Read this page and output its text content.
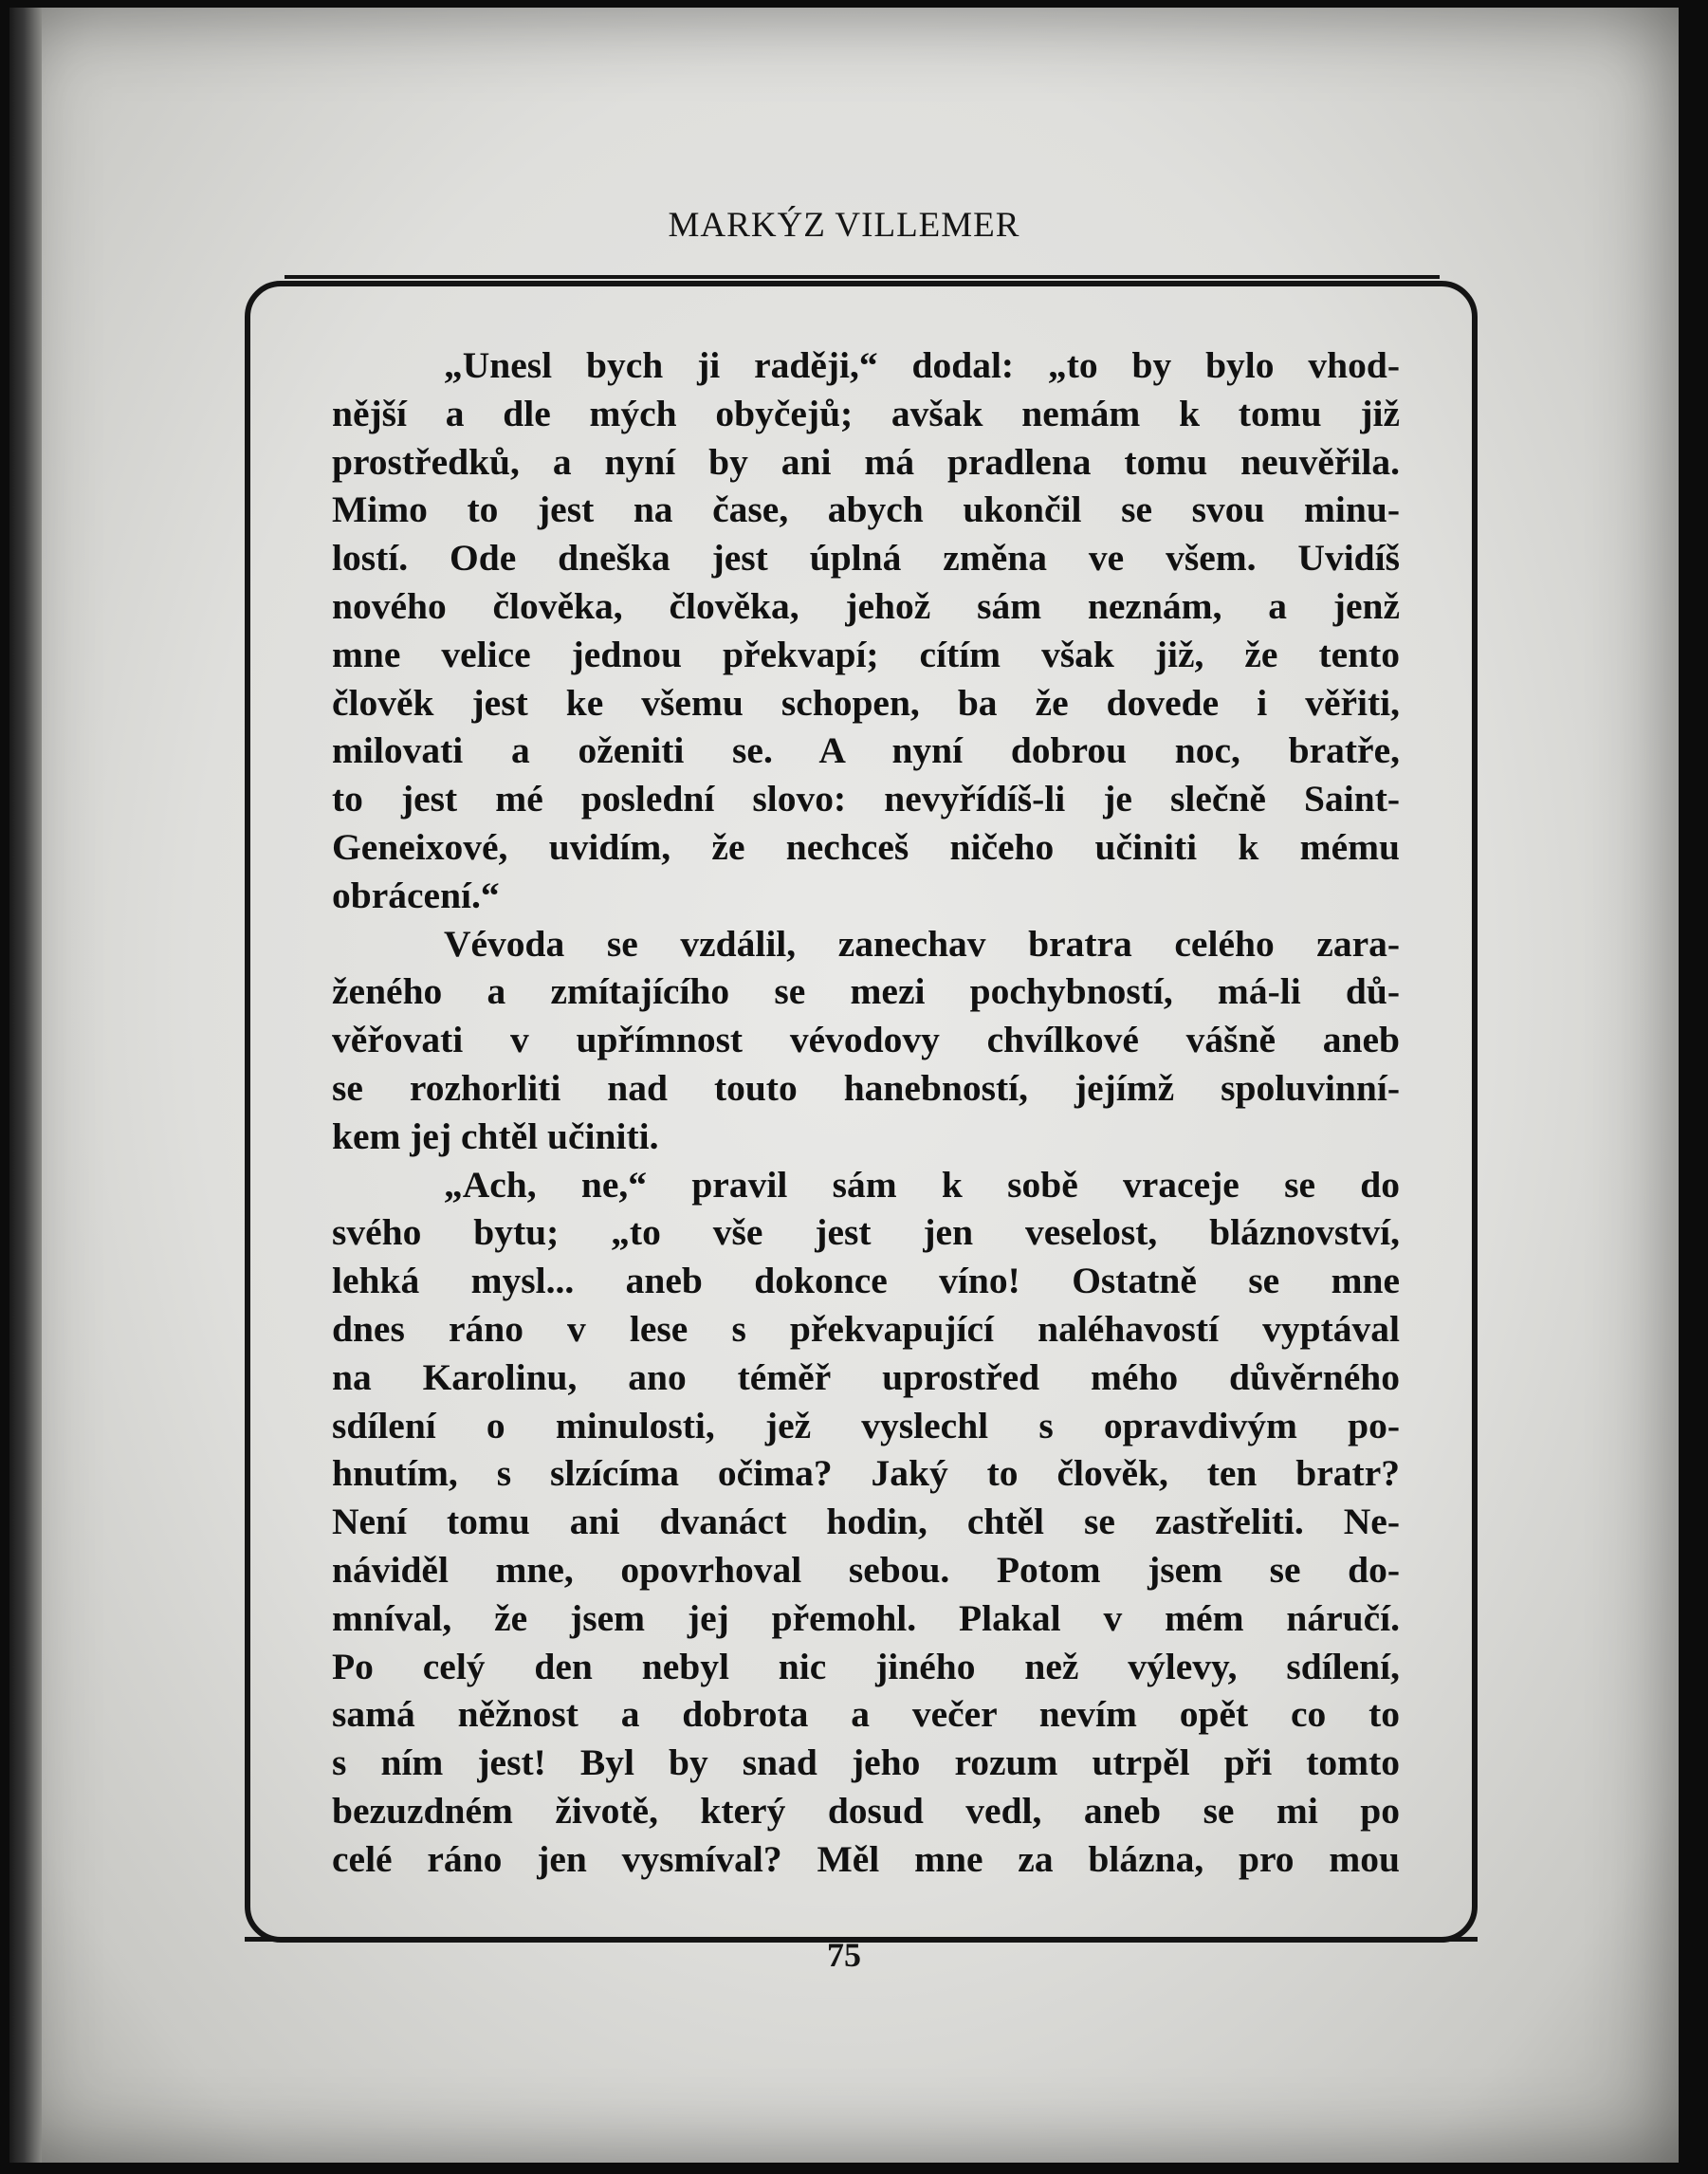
MARKÝZ VILLEMER
„Unesl bych ji raději,“ dodal: „to by bylo vhod-
nější a dle mých obyčejů; avšak nemám k tomu již
prostředků, a nyní by ani má pradlena tomu neuvěřila.
Mimo to jest na čase, abych ukončil se svou minu-
lostí. Ode dneška jest úplná změna ve všem. Uvidíš
nového člověka, člověka, jehož sám neznám, a jenž
mne velice jednou překvapí; cítím však již, že tento
člověk jest ke všemu schopen, ba že dovede i věřiti,
milovati a oženiti se. A nyní dobrou noc, bratře,
to jest mé poslední slovo: nevyřídíš-li je slečně Saint-
Geneixové, uvidím, že nechceš ničeho učiniti k mému
obrácení.“
Vévoda se vzdálil, zanechav bratra celého zara-
ženého a zmítajícího se mezi pochybností, má-li dů-
věřovati v upřímnost vévodovy chvílkové vášně aneb
se rozhorliti nad touto hanebností, jejímž spoluvinní-
kem jej chtěl učiniti.
„Ach, ne,“ pravil sám k sobě vraceje se do
svého bytu; „to vše jest jen veselost, bláznovství,
lehká mysl... aneb dokonce víno! Ostatně se mne
dnes ráno v lese s překvapující naléhavostí vyptával
na Karolinu, ano téměř uprostřed mého důvěrného
sdílení o minulosti, jež vyslechl s opravdivým po-
hnutím, s slzícíma očima? Jaký to člověk, ten bratr?
Není tomu ani dvanáct hodin, chtěl se zastřeliti. Ne-
náviděl mne, opovrhoval sebou. Potom jsem se do-
mníval, že jsem jej přemohl. Plakal v mém náručí.
Po celý den nebyl nic jiného než výlevy, sdílení,
samá něžnost a dobrota a večer nevím opět co to
s ním jest! Byl by snad jeho rozum utrpěl při tomto
bezuzdném životě, který dosud vedl, aneb se mi po
celé ráno jen vysmíval? Měl mne za blázna, pro mou
75
